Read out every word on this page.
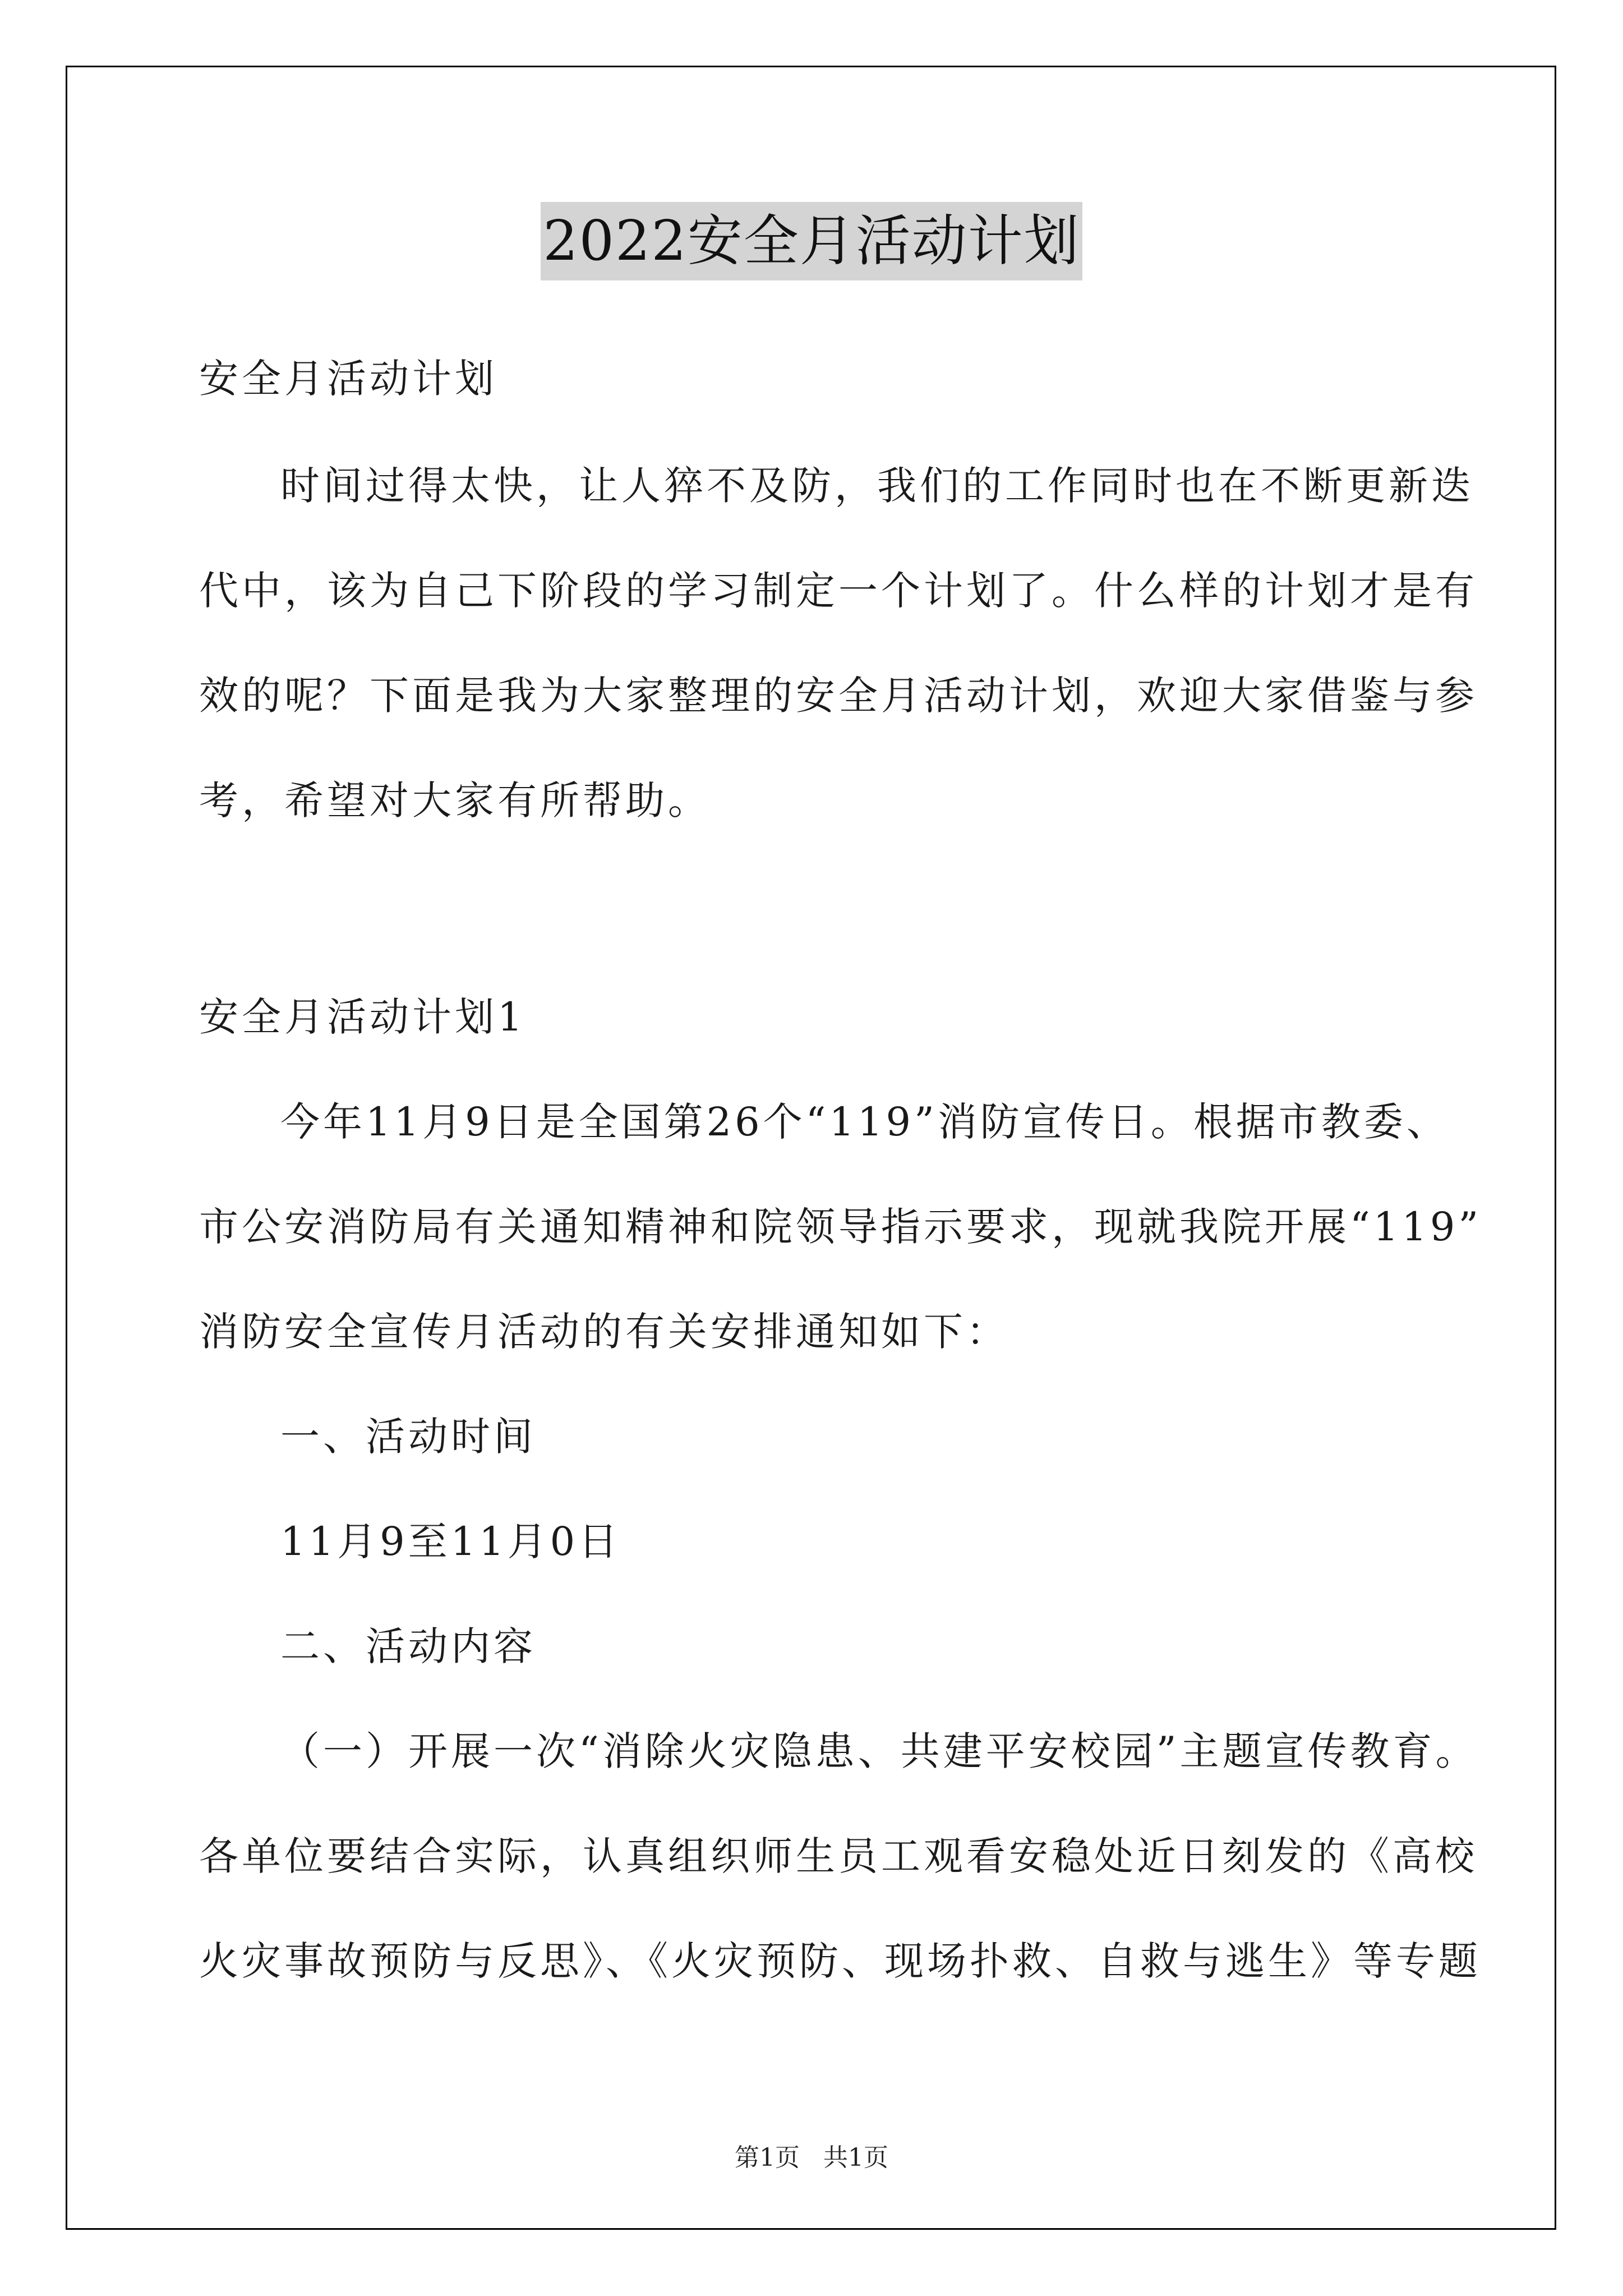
2022安全月活动计划
安全月活动计划
时间过得太快，让人猝不及防，我们的工作同时也在不断更新迭
代中，该为自己下阶段的学习制定一个计划了。什么样的计划才是有
效的呢？下面是我为大家整理的安全月活动计划，欢迎大家借鉴与参
考，希望对大家有所帮助。
安全月活动计划1
今年11月9日是全国第26个“119”消防宣传日。根据市教委、
市公安消防局有关通知精神和院领导指示要求，现就我院开展“119”
消防安全宣传月活动的有关安排通知如下：
一、活动时间
11月9至11月0日
二、活动内容
（一）开展一次“消除火灾隐患、共建平安校园”主题宣传教育。
各单位要结合实际，认真组织师生员工观看安稳处近日刻发的《高校
火灾事故预防与反思》、《火灾预防、现场扑救、自救与逃生》等专题
第1页   共1页
